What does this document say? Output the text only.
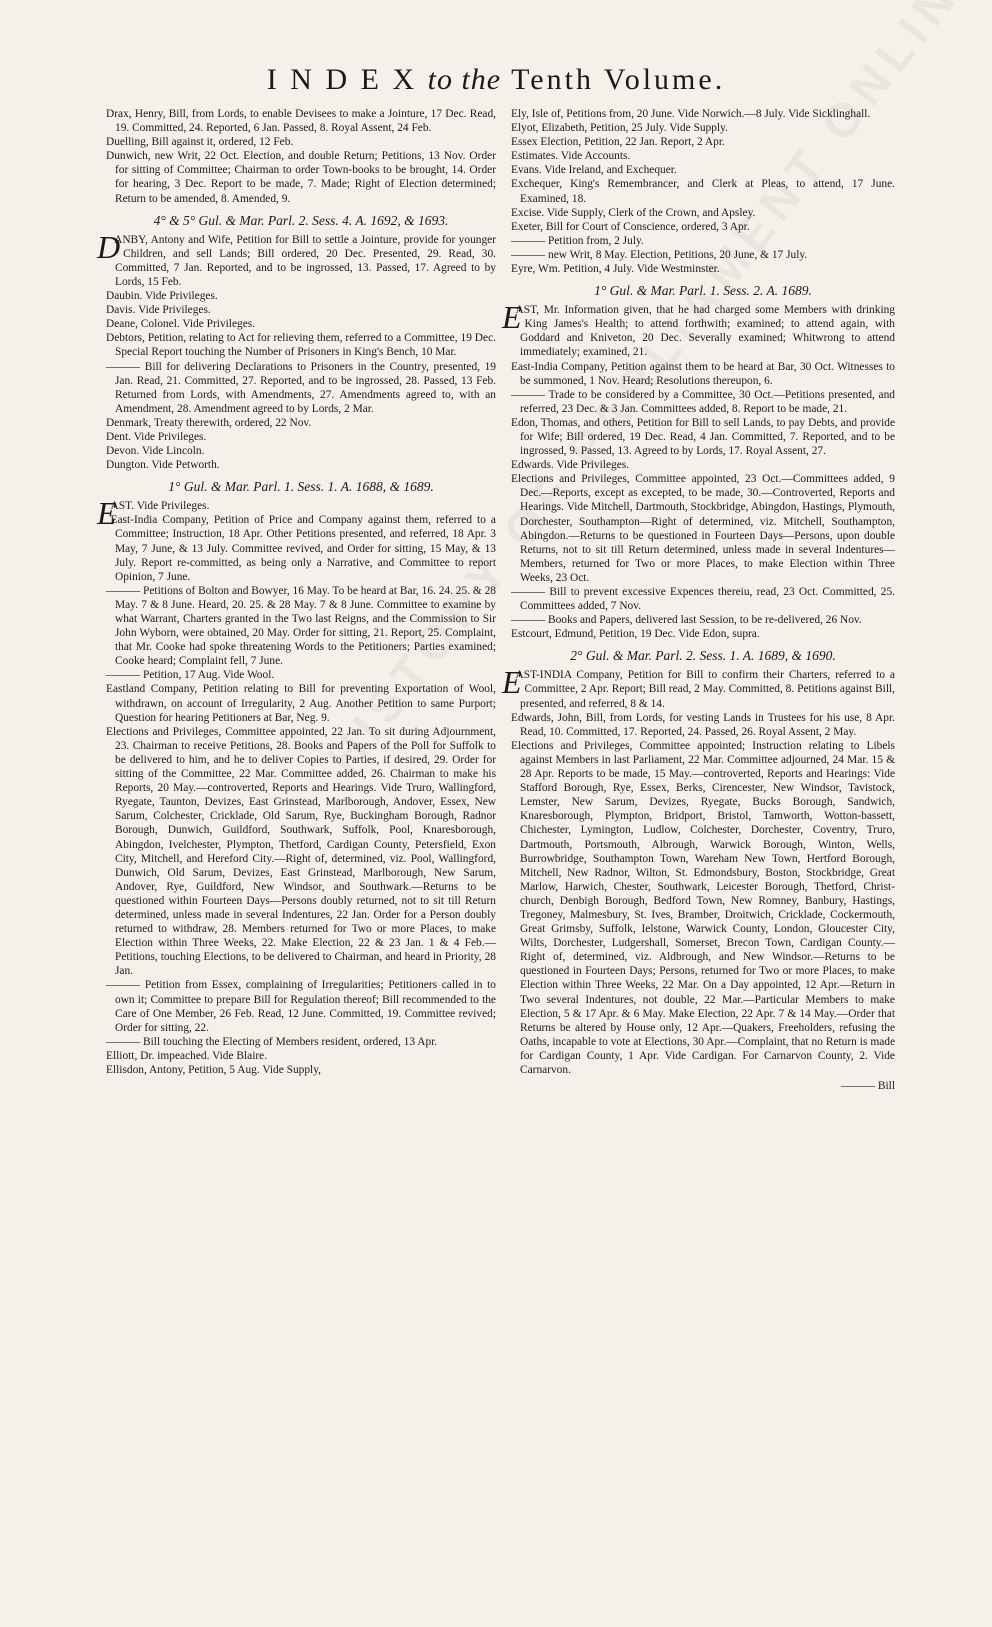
I N D E X to the Tenth Volume.

Drax, Henry, Bill, from Lords, to enable Devisees to make a Jointure, 17 Dec. Read, 19. Committed, 24. Reported, 6 Jan. Passed, 8. Royal Assent, 24 Feb.

Duelling, Bill against it, ordered, 12 Feb.

Dunwich, new Writ, 22 Oct. Election, and double Return; Petitions, 13 Nov. Order for sitting of Committee; Chairman to order Town-books to be brought, 14. Order for hearing, 3 Dec. Report to be made, 7. Made; Right of Election determined; Return to be amended, 8. Amended, 9.

4° & 5° Gul. & Mar. Parl. 2. Sess. 4. A. 1692, & 1693.

D
ANBY, Antony and Wife, Petition for Bill to settle a Jointure, provide for younger Children, and sell Lands; Bill ordered, 20 Dec. Presented, 29. Read, 30. Committed, 7 Jan. Reported, and to be ingrossed, 13. Passed, 17. Agreed to by Lords, 15 Feb.

Daubin. Vide Privileges.

Davis. Vide Privileges.

Deane, Colonel. Vide Privileges.

Debtors, Petition, relating to Act for relieving them, referred to a Committee, 19 Dec. Special Report touching the Number of Prisoners in King's Bench, 10 Mar.

——— Bill for delivering Declarations to Prisoners in the Country, presented, 19 Jan. Read, 21. Committed, 27. Reported, and to be ingrossed, 28. Passed, 13 Feb. Returned from Lords, with Amendments, 27. Amendments agreed to, with an Amendment, 28. Amendment agreed to by Lords, 2 Mar.

Denmark, Treaty therewith, ordered, 22 Nov.

Dent. Vide Privileges.

Devon. Vide Lincoln.

Dungton. Vide Petworth.

1° Gul. & Mar. Parl. 1. Sess. 1. A. 1688, & 1689.

E
AST. Vide Privileges.

East-India Company, Petition of Price and Company against them, referred to a Committee; Instruction, 18 Apr. Other Petitions presented, and referred, 18 Apr. 3 May, 7 June, & 13 July. Committee revived, and Order for sitting, 15 May, & 13 July. Report re-committed, as being only a Narrative, and Committee to report Opinion, 7 June.

——— Petitions of Bolton and Bowyer, 16 May. To be heard at Bar, 16. 24. 25. & 28 May. 7 & 8 June. Heard, 20. 25. & 28 May. 7 & 8 June. Committee to examine by what Warrant, Charters granted in the Two last Reigns, and the Commission to Sir John Wyborn, were obtained, 20 May. Order for sitting, 21. Report, 25. Complaint, that Mr. Cooke had spoke threatening Words to the Petitioners; Parties examined; Cooke heard; Complaint fell, 7 June.

——— Petition, 17 Aug. Vide Wool.

Eastland Company, Petition relating to Bill for preventing Exportation of Wool, withdrawn, on account of Irregularity, 2 Aug. Another Petition to same Purport; Question for hearing Petitioners at Bar, Neg. 9.

Elections and Privileges, Committee appointed, 22 Jan. To sit during Adjournment, 23. Chairman to receive Petitions, 28. Books and Papers of the Poll for Suffolk to be delivered to him, and he to deliver Copies to Parties, if desired, 29. Order for sitting of the Committee, 22 Mar. Committee added, 26. Chairman to make his Reports, 20 May.—controverted, Reports and Hearings. Vide Truro, Wallingford, Ryegate, Taunton, Devizes, East Grinstead, Marlborough, Andover, Essex, New Sarum, Colchester, Cricklade, Old Sarum, Rye, Buckingham Borough, Radnor Borough, Dunwich, Guildford, Southwark, Suffolk, Pool, Knaresborough, Abingdon, Ivelchester, Plympton, Thetford, Cardigan County, Petersfield, Exon City, Mitchell, and Hereford City.—Right of, determined, viz. Pool, Wallingford, Dunwich, Old Sarum, Devizes, East Grinstead, Marlborough, New Sarum, Andover, Rye, Guildford, New Windsor, and Southwark.—Returns to be questioned within Fourteen Days—Persons doubly returned, not to sit till Return determined, unless made in several Indentures, 22 Jan. Order for a Person doubly returned to withdraw, 28. Members returned for Two or more Places, to make Election within Three Weeks, 22. Make Election, 22 & 23 Jan. 1 & 4 Feb.—Petitions, touching Elections, to be delivered to Chairman, and heard in Priority, 28 Jan.

——— Petition from Essex, complaining of Irregularities; Petitioners called in to own it; Committee to prepare Bill for Regulation thereof; Bill recommended to the Care of One Member, 26 Feb. Read, 12 June. Committed, 19. Committee revived; Order for sitting, 22.

——— Bill touching the Electing of Members resident, ordered, 13 Apr.

Elliott, Dr. impeached. Vide Blaire.

Ellisdon, Antony, Petition, 5 Aug. Vide Supply,

Ely, Isle of, Petitions from, 20 June. Vide Norwich.—8 July. Vide Sicklinghall.

Elyot, Elizabeth, Petition, 25 July. Vide Supply.

Essex Election, Petition, 22 Jan. Report, 2 Apr.

Estimates. Vide Accounts.

Evans. Vide Ireland, and Exchequer.

Exchequer, King's Remembrancer, and Clerk at Pleas, to attend, 17 June. Examined, 18.

Excise. Vide Supply, Clerk of the Crown, and Apsley.

Exeter, Bill for Court of Conscience, ordered, 3 Apr.

——— Petition from, 2 July.

——— new Writ, 8 May. Election, Petitions, 20 June, & 17 July.

Eyre, Wm. Petition, 4 July. Vide Westminster.

1° Gul. & Mar. Parl. 1. Sess. 2. A. 1689.

E
AST, Mr. Information given, that he had charged some Members with drinking King James's Health; to attend forthwith; examined; to attend again, with Goddard and Kniveton, 20 Dec. Severally examined; Whitwrong to attend immediately; examined, 21.

East-India Company, Petition against them to be heard at Bar, 30 Oct. Witnesses to be summoned, 1 Nov. Heard; Resolutions thereupon, 6.

——— Trade to be considered by a Committee, 30 Oct.—Petitions presented, and referred, 23 Dec. & 3 Jan. Committees added, 8. Report to be made, 21.

Edon, Thomas, and others, Petition for Bill to sell Lands, to pay Debts, and provide for Wife; Bill ordered, 19 Dec. Read, 4 Jan. Committed, 7. Reported, and to be ingrossed, 9. Passed, 13. Agreed to by Lords, 17. Royal Assent, 27.

Edwards. Vide Privileges.

Elections and Privileges, Committee appointed, 23 Oct.—Committees added, 9 Dec.—Reports, except as excepted, to be made, 30.—Controverted, Reports and Hearings. Vide Mitchell, Dartmouth, Stockbridge, Abingdon, Hastings, Plymouth, Dorchester, Southampton—Right of determined, viz. Mitchell, Southampton, Abingdon.—Returns to be questioned in Fourteen Days—Persons, upon double Returns, not to sit till Return determined, unless made in several Indentures—Members, returned for Two or more Places, to make Election within Three Weeks, 23 Oct.

——— Bill to prevent excessive Expences thereiu, read, 23 Oct. Committed, 25. Committees added, 7 Nov.

——— Books and Papers, delivered last Session, to be re-delivered, 26 Nov.

Estcourt, Edmund, Petition, 19 Dec. Vide Edon, supra.

2° Gul. & Mar. Parl. 2. Sess. 1. A. 1689, & 1690.

E
AST-INDIA Company, Petition for Bill to confirm their Charters, referred to a Committee, 2 Apr. Report; Bill read, 2 May. Committed, 8. Petitions against Bill, presented, and referred, 8 & 14.

Edwards, John, Bill, from Lords, for vesting Lands in Trustees for his use, 8 Apr. Read, 10. Committed, 17. Reported, 24. Passed, 26. Royal Assent, 2 May.

Elections and Privileges, Committee appointed; Instruction relating to Libels against Members in last Parliament, 22 Mar. Committee adjourned, 24 Mar. 15 & 28 Apr. Reports to be made, 15 May.—controverted, Reports and Hearings: Vide Stafford Borough, Rye, Essex, Berks, Cirencester, New Windsor, Tavistock, Lemster, New Sarum, Devizes, Ryegate, Bucks Borough, Sandwich, Knaresborough, Plympton, Bridport, Bristol, Tamworth, Wotton-bassett, Chichester, Lymington, Ludlow, Colchester, Dorchester, Coventry, Truro, Dartmouth, Portsmouth, Albrough, Warwick Borough, Winton, Wells, Burrowbridge, Southampton Town, Wareham New Town, Hertford Borough, Mitchell, New Radnor, Wilton, St. Edmondsbury, Boston, Stockbridge, Great Marlow, Harwich, Chester, Southwark, Leicester Borough, Thetford, Christ-church, Denbigh Borough, Bedford Town, New Romney, Banbury, Hastings, Tregoney, Malmesbury, St. Ives, Bramber, Droitwich, Cricklade, Cockermouth, Great Grimsby, Suffolk, Ielstone, Warwick County, London, Gloucester City, Wilts, Dorchester, Ludgershall, Somerset, Brecon Town, Cardigan County.—Right of, determined, viz. Aldbrough, and New Windsor.—Returns to be questioned in Fourteen Days; Persons, returned for Two or more Places, to make Election within Three Weeks, 22 Mar. On a Day appointed, 12 Apr.—Return in Two several Indentures, not double, 22 Mar.—Particular Members to make Election, 5 & 17 Apr. & 6 May. Make Election, 22 Apr. 7 & 14 May.—Order that Returns be altered by House only, 12 Apr.—Quakers, Freeholders, refusing the Oaths, incapable to vote at Elections, 30 Apr.—Complaint, that no Return is made for Cardigan County, 1 Apr. Vide Cardigan. For Carnarvon County, 2. Vide Carnarvon.

——— Bill
